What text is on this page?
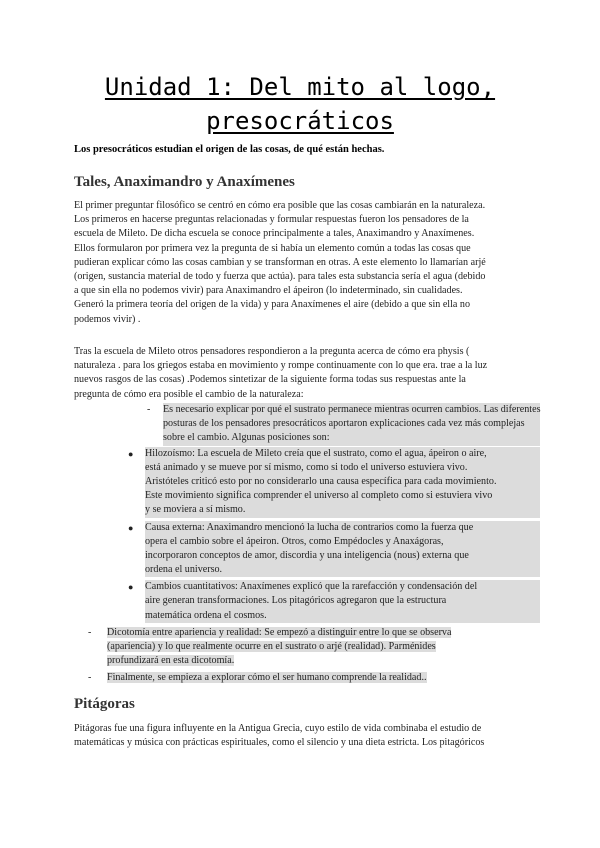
Unidad 1: Del mito al logo,
presocráticos
Los presocráticos estudian el origen de las cosas, de qué están hechas.
Tales, Anaximandro y Anaxímenes
El primer preguntar filosófico se centró en cómo era posible que las cosas cambiarán en la naturaleza.
Los primeros en hacerse preguntas relacionadas y formular respuestas fueron los pensadores de la
escuela de Mileto. De dicha escuela se conoce principalmente a tales, Anaximandro y Anaxímenes.
Ellos formularon por primera vez la pregunta de si había un elemento común a todas las cosas que
pudieran explicar cómo las cosas cambian y se transforman en otras. A este elemento lo llamarían arjé
(origen, sustancia material de todo y fuerza que actúa). para tales esta substancia sería el agua (debido
a que sin ella no podemos vivir) para Anaximandro el ápeiron (lo indeterminado, sin cualidades.
Generó la primera teoría del origen de la vida) y para Anaxímenes el aire (debido a que sin ella no
podemos vivir) .
Tras la escuela de Mileto otros pensadores respondieron a la pregunta acerca de cómo era physis (
naturaleza . para los griegos estaba en movimiento y rompe continuamente con lo que era. trae a la luz
nuevos rasgos de las cosas) .Podemos sintetizar de la siguiente forma todas sus respuestas ante la
pregunta de cómo era posible el cambio de la naturaleza:
- Es necesario explicar por qué el sustrato permanece mientras ocurren cambios. Las diferentes
posturas de los pensadores presocráticos aportaron explicaciones cada vez más complejas
sobre el cambio. Algunas posiciones son:
● Hilozoísmo: La escuela de Mileto creía que el sustrato, como el agua, ápeiron o aire,
está animado y se mueve por sí mismo, como si todo el universo estuviera vivo.
Aristóteles criticó esto por no considerarlo una causa específica para cada movimiento.
Este movimiento significa comprender el universo al completo como si estuviera vivo
y se moviera a sí mismo.
● Causa externa: Anaximandro mencionó la lucha de contrarios como la fuerza que
opera el cambio sobre el ápeiron. Otros, como Empédocles y Anaxágoras,
incorporaron conceptos de amor, discordia y una inteligencia (nous) externa que
ordena el universo.
● Cambios cuantitativos: Anaxímenes explicó que la rarefacción y condensación del
aire generan transformaciones. Los pitagóricos agregaron que la estructura
matemática ordena el cosmos.
- Dicotomía entre apariencia y realidad: Se empezó a distinguir entre lo que se observa
(apariencia) y lo que realmente ocurre en el sustrato o arjé (realidad). Parménides
profundizará en esta dicotomía.
- Finalmente, se empieza a explorar cómo el ser humano comprende la realidad..
Pitágoras
Pitágoras fue una figura influyente en la Antigua Grecia, cuyo estilo de vida combinaba el estudio de
matemáticas y música con prácticas espirituales, como el silencio y una dieta estricta. Los pitagóricos
